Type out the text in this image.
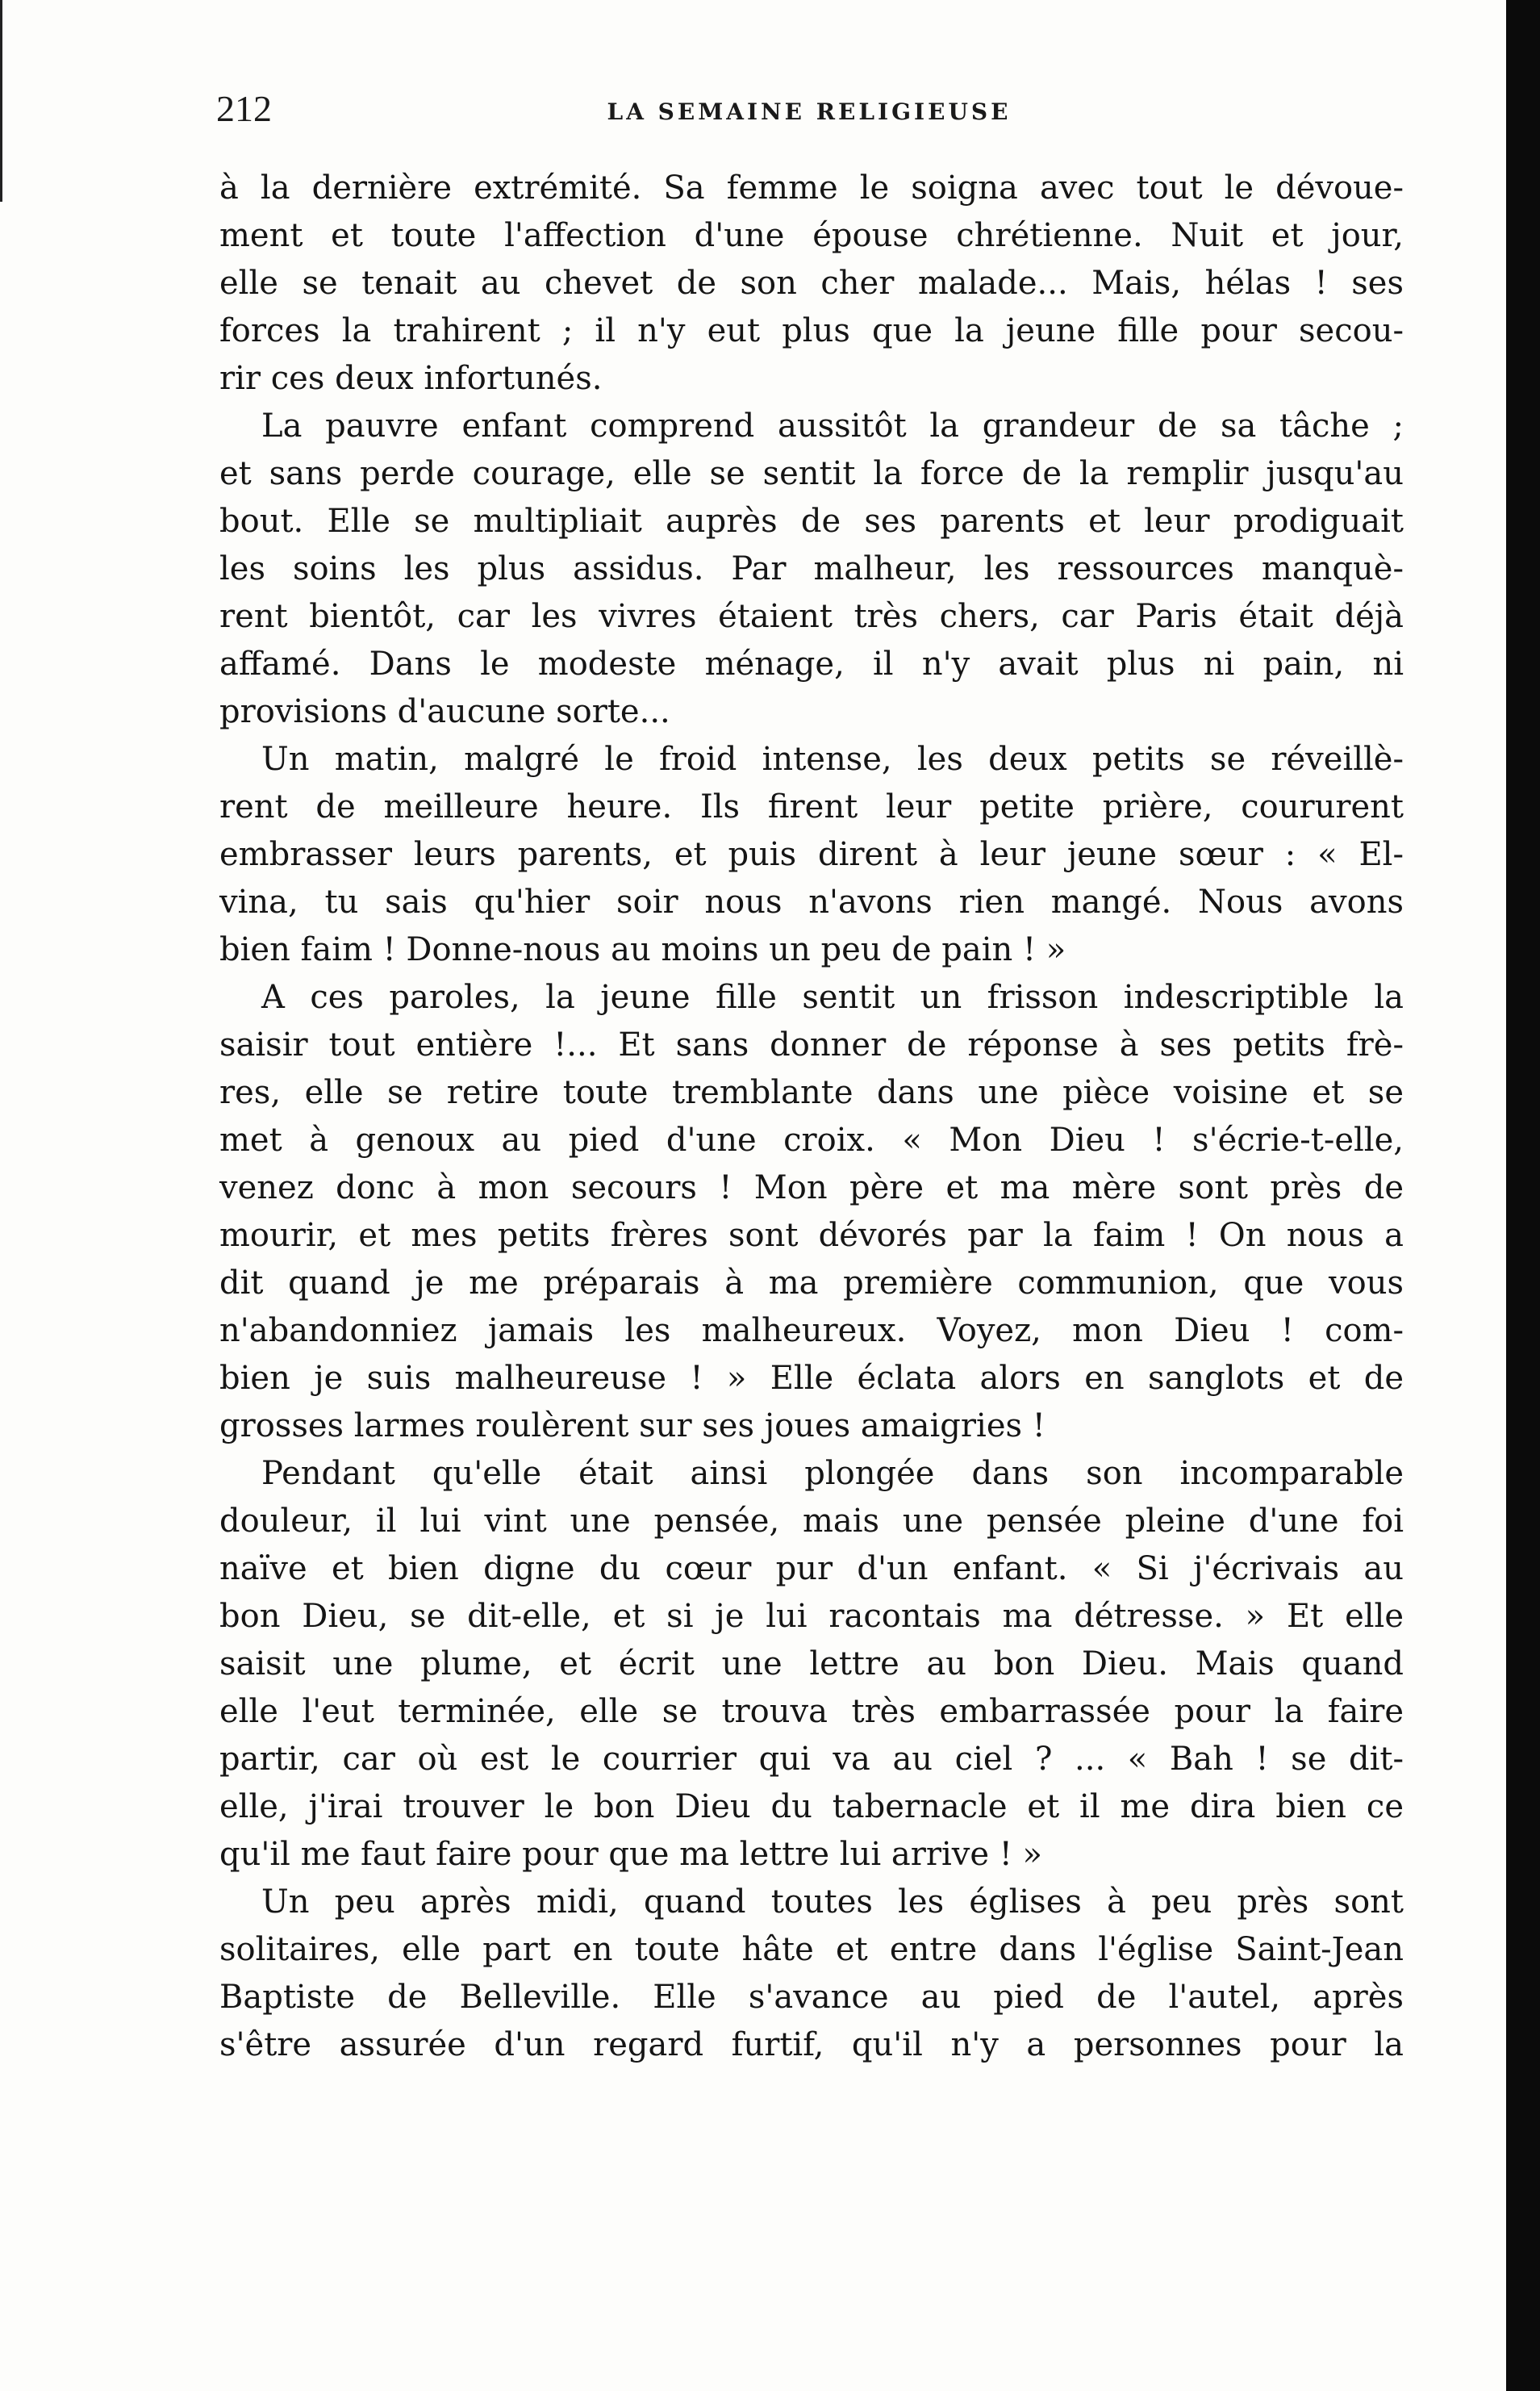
212	LA SEMAINE RELIGIEUSE
à la dernière extrémité. Sa femme le soigna avec tout le dévoue-
ment et toute l'affection d'une épouse chrétienne. Nuit et jour,
elle se tenait au chevet de son cher malade... Mais, hélas ! ses
forces la trahirent ; il n'y eut plus que la jeune fille pour secou-
rir ces deux infortunés.
La pauvre enfant comprend aussitôt la grandeur de sa tâche ;
et sans perde courage, elle se sentit la force de la remplir jusqu'au
bout. Elle se multipliait auprès de ses parents et leur prodiguait
les soins les plus assidus. Par malheur, les ressources manquè-
rent bientôt, car les vivres étaient très chers, car Paris était déjà
affamé. Dans le modeste ménage, il n'y avait plus ni pain, ni
provisions d'aucune sorte...
Un matin, malgré le froid intense, les deux petits se réveillè-
rent de meilleure heure. Ils firent leur petite prière, coururent
embrasser leurs parents, et puis dirent à leur jeune sœur : « El-
vina, tu sais qu'hier soir nous n'avons rien mangé. Nous avons
bien faim ! Donne-nous au moins un peu de pain ! »
A ces paroles, la jeune fille sentit un frisson indescriptible la
saisir tout entière !... Et sans donner de réponse à ses petits frè-
res, elle se retire toute tremblante dans une pièce voisine et se
met à genoux au pied d'une croix. « Mon Dieu ! s'écrie-t-elle,
venez donc à mon secours ! Mon père et ma mère sont près de
mourir, et mes petits frères sont dévorés par la faim ! On nous a
dit quand je me préparais à ma première communion, que vous
n'abandonniez jamais les malheureux. Voyez, mon Dieu ! com-
bien je suis malheureuse ! » Elle éclata alors en sanglots et de
grosses larmes roulèrent sur ses joues amaigries !
Pendant qu'elle était ainsi plongée dans son incomparable
douleur, il lui vint une pensée, mais une pensée pleine d'une foi
naïve et bien digne du cœur pur d'un enfant. « Si j'écrivais au
bon Dieu, se dit-elle, et si je lui racontais ma détresse. » Et elle
saisit une plume, et écrit une lettre au bon Dieu. Mais quand
elle l'eut terminée, elle se trouva très embarrassée pour la faire
partir, car où est le courrier qui va au ciel ? ... « Bah ! se dit-
elle, j'irai trouver le bon Dieu du tabernacle et il me dira bien ce
qu'il me faut faire pour que ma lettre lui arrive ! »
Un peu après midi, quand toutes les églises à peu près sont
solitaires, elle part en toute hâte et entre dans l'église Saint-Jean
Baptiste de Belleville. Elle s'avance au pied de l'autel, après
s'être assurée d'un regard furtif, qu'il n'y a personnes pour la
